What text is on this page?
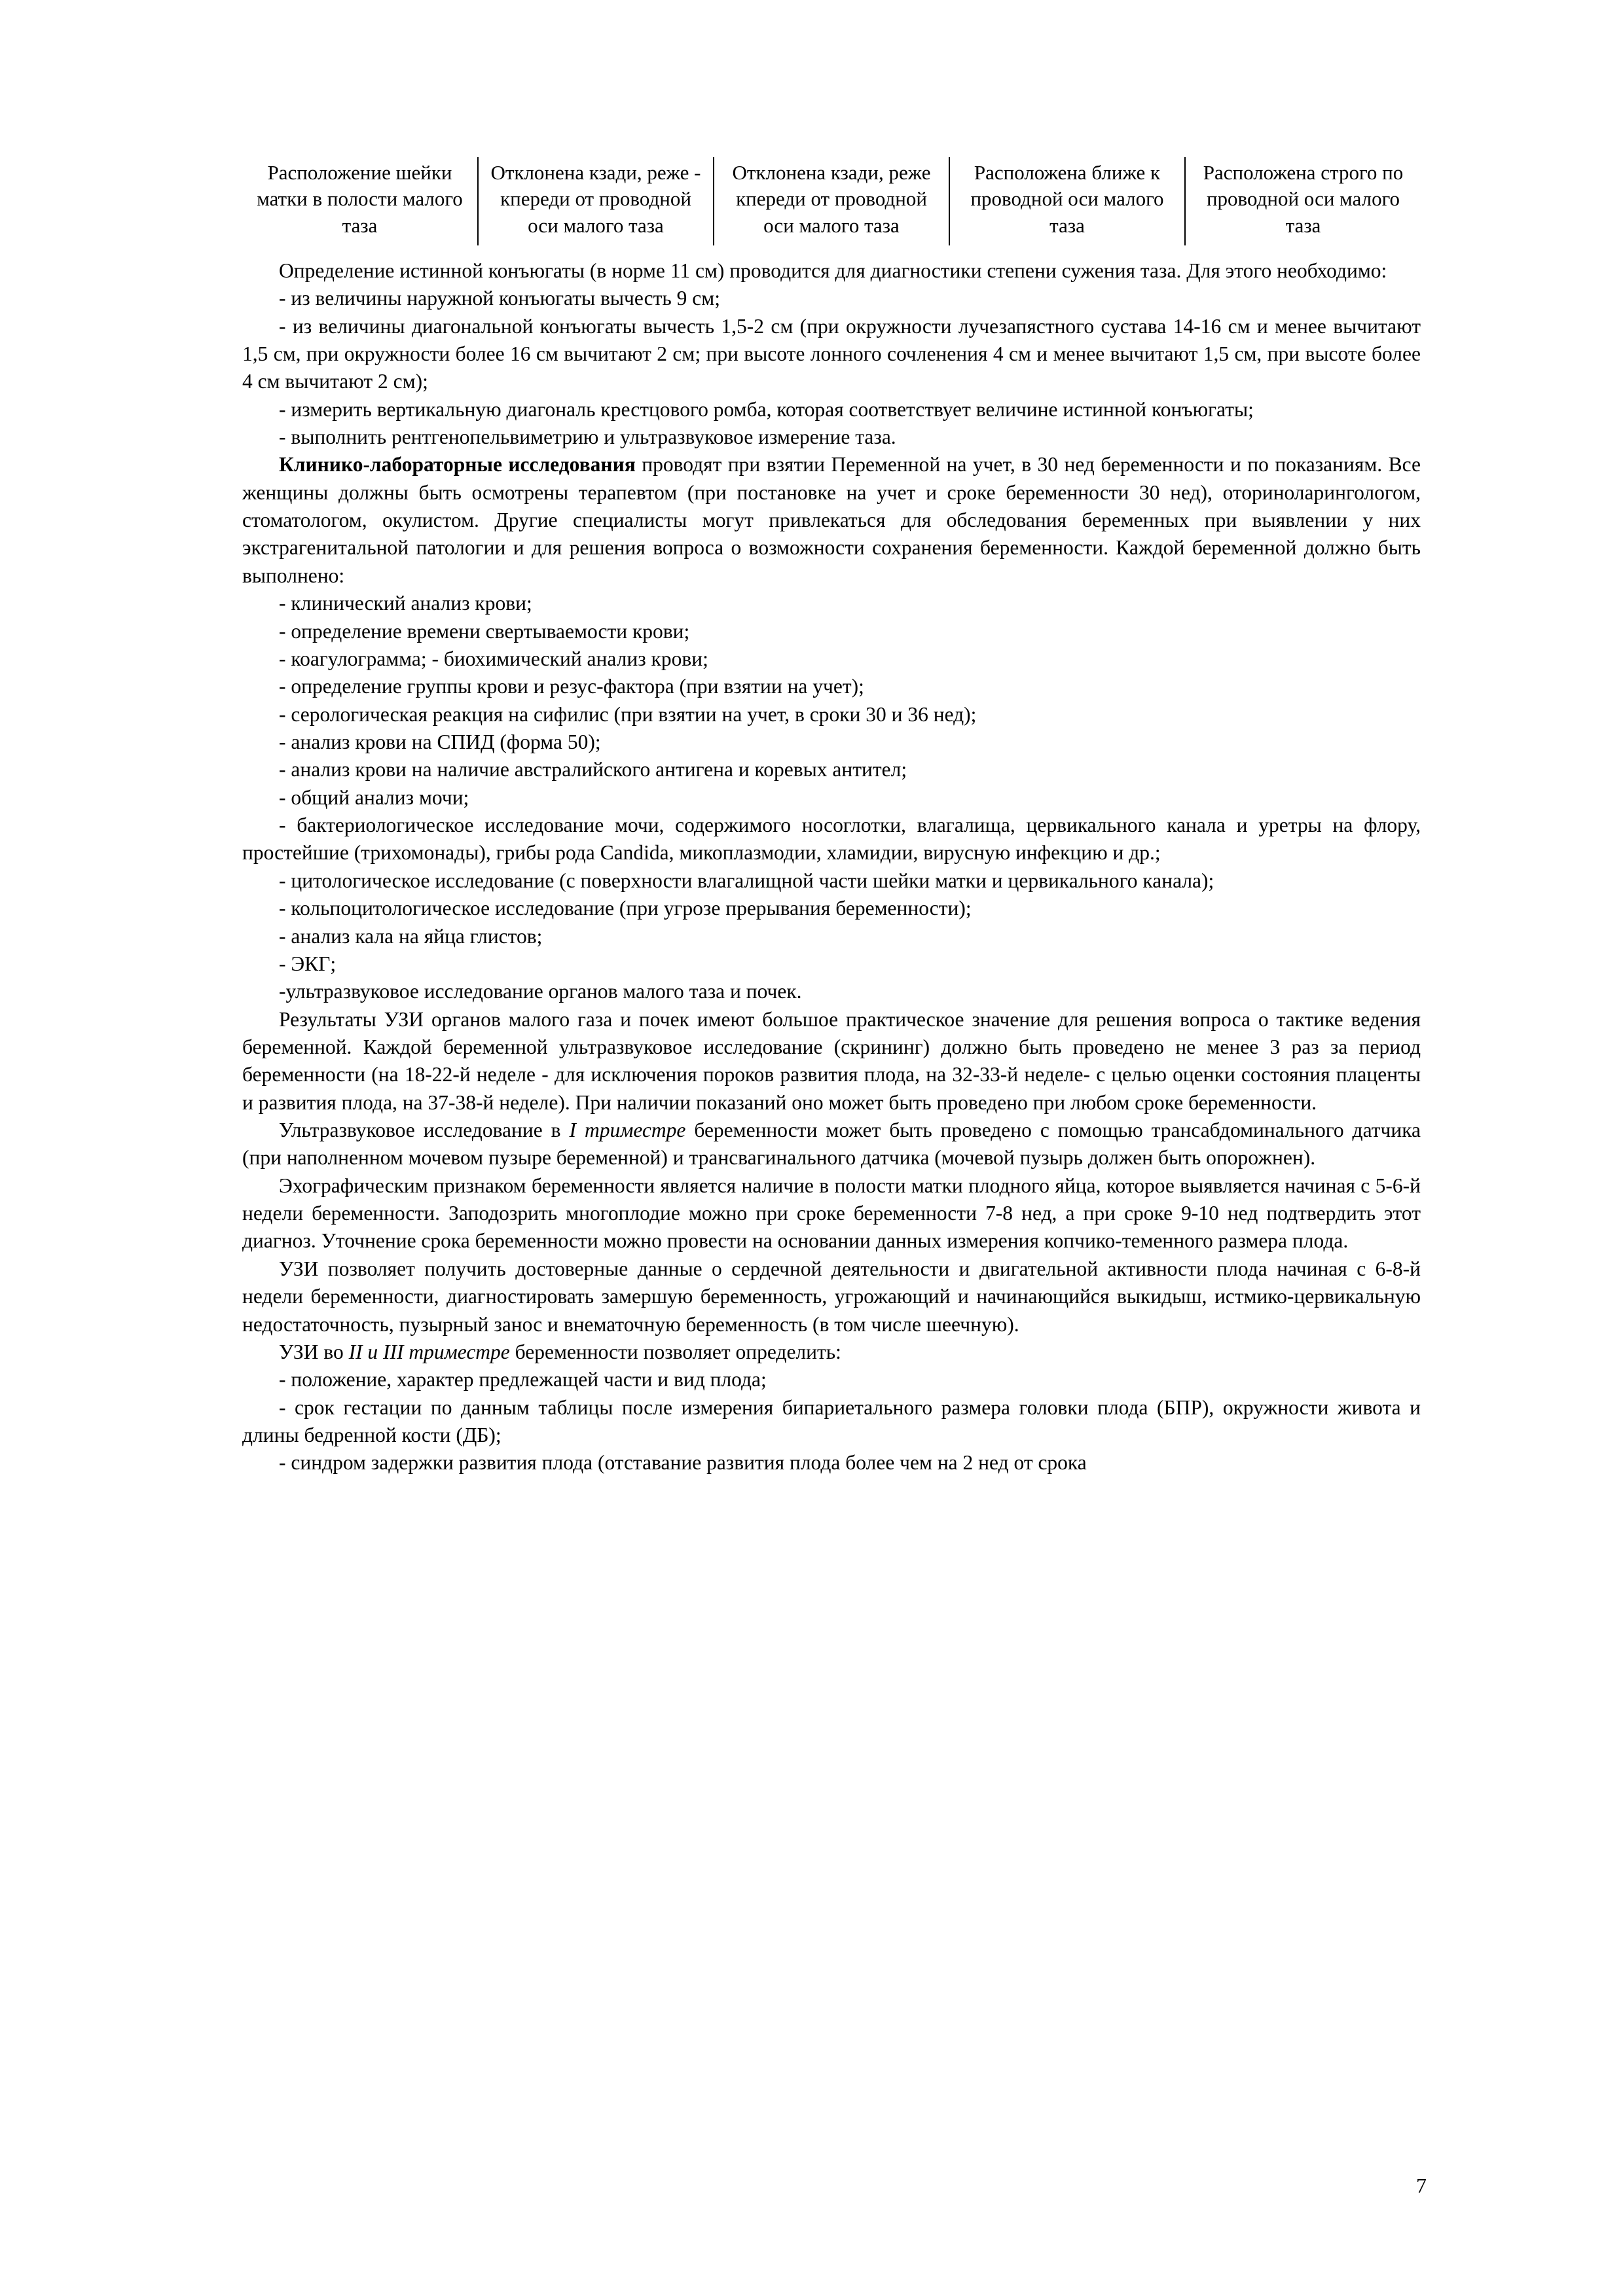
Расположение шейки матки в полости малого таза	Отклонена кзади, реже - кпереди от проводной оси малого таза	Отклонена кзади, реже кпереди от проводной оси малого таза	Расположена ближе к проводной оси малого таза	Расположена строго по проводной оси малого таза

Определение истинной конъюгаты (в норме 11 см) проводится для диагностики степени сужения таза. Для этого необходимо:

- из величины наружной конъюгаты вычесть 9 см;

- из величины диагональной конъюгаты вычесть 1,5-2 см (при окружности лучезапястного сустава 14-16 см и менее вычитают 1,5 см, при окружности более 16 см вычитают 2 см; при высоте лонного сочленения 4 см и менее вычитают 1,5 см, при высоте более 4 см вычитают 2 см);

- измерить вертикальную диагональ крестцового ромба, которая соответствует величине истинной конъюгаты;

- выполнить рентгенопельвиметрию и ультразвуковое измерение таза.

Клинико-лабораторные исследования проводят при взятии Переменной на учет, в 30 нед беременности и по показаниям. Все женщины должны быть осмотрены терапевтом (при постановке на учет и сроке беременности 30 нед), оториноларингологом, стоматологом, окулистом. Другие специалисты могут привлекаться для обследования беременных при выявлении у них экстрагенитальной патологии и для решения вопроса о возможности сохранения беременности. Каждой беременной должно быть выполнено:

- клинический анализ крови;

- определение времени свертываемости крови;

- коагулограмма; - биохимический анализ крови;

- определение группы крови и резус-фактора (при взятии на учет);

- серологическая реакция на сифилис (при взятии на учет, в сроки 30 и 36 нед);

- анализ крови на СПИД (форма 50);

- анализ крови на наличие австралийского антигена и коревых антител;

- общий анализ мочи;

- бактериологическое исследование мочи, содержимого носоглотки, влагалища, цервикального канала и уретры на флору, простейшие (трихомонады), грибы рода Candida, микоплазмодии, хламидии, вирусную инфекцию и др.;

- цитологическое исследование (с поверхности влагалищной части шейки матки и цервикального канала);

- кольпоцитологическое исследование (при угрозе прерывания беременности);

- анализ кала на яйца глистов;

- ЭКГ;

-ультразвуковое исследование органов малого таза и почек.

Результаты УЗИ органов малого газа и почек имеют большое практическое значение для решения вопроса о тактике ведения беременной. Каждой беременной ультразвуковое исследование (скрининг) должно быть проведено не менее 3 раз за период беременности (на 18-22-й неделе - для исключения пороков развития плода, на 32-33-й неделе- с целью оценки состояния плаценты и развития плода, на 37-38-й неделе). При наличии показаний оно может быть проведено при любом сроке беременности.

Ультразвуковое исследование в I триместре беременности может быть проведено с помощью трансабдоминального датчика (при наполненном мочевом пузыре беременной) и трансвагинального датчика (мочевой пузырь должен быть опорожнен).

Эхографическим признаком беременности является наличие в полости матки плодного яйца, которое выявляется начиная с 5-6-й недели беременности. Заподозрить многоплодие можно при сроке беременности 7-8 нед, а при сроке 9-10 нед подтвердить этот диагноз. Уточнение срока беременности можно провести на основании данных измерения копчико-теменного размера плода.

УЗИ позволяет получить достоверные данные о сердечной деятельности и двигательной активности плода начиная с 6-8-й недели беременности, диагностировать замершую беременность, угрожающий и начинающийся выкидыш, истмико-цервикальную недостаточность, пузырный занос и внематочную беременность (в том числе шеечную).

УЗИ во II и III триместре беременности позволяет определить:

- положение, характер предлежащей части и вид плода;

- срок гестации по данным таблицы после измерения бипариетального размера головки плода (БПР), окружности живота и длины бедренной кости (ДБ);

- синдром задержки развития плода (отставание развития плода более чем на 2 нед от срока

7
